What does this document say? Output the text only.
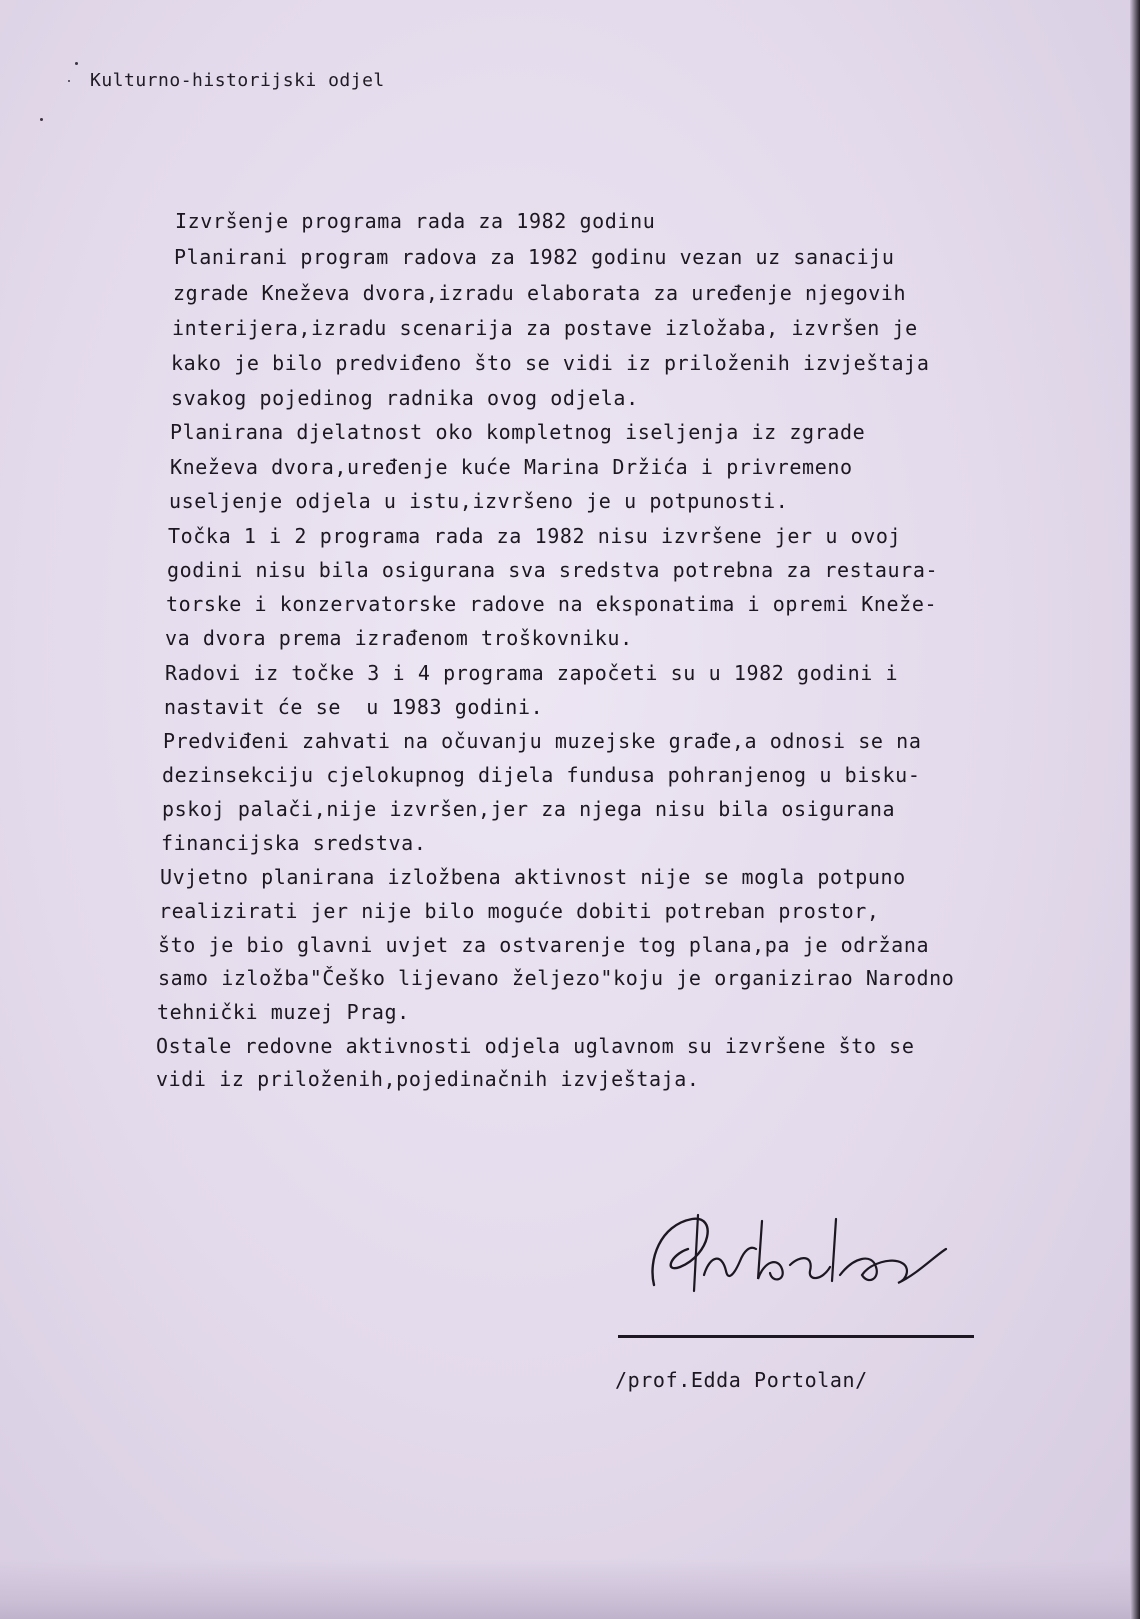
Kulturno-historijski odjel
Izvršenje programa rada za 1982 godinu
Planirani program radova za 1982 godinu vezan uz sanaciju
zgrade Kneževa dvora,izradu elaborata za uređenje njegovih
interijera,izradu scenarija za postave izložaba, izvršen je
kako je bilo predviđeno što se vidi iz priloženih izvještaja
svakog pojedinog radnika ovog odjela.
Planirana djelatnost oko kompletnog iseljenja iz zgrade
Kneževa dvora,uređenje kuće Marina Držića i privremeno
useljenje odjela u istu,izvršeno je u potpunosti.
Točka 1 i 2 programa rada za 1982 nisu izvršene jer u ovoj
godini nisu bila osigurana sva sredstva potrebna za restaura-
torske i konzervatorske radove na eksponatima i opremi Kneže-
va dvora prema izrađenom troškovniku.
Radovi iz točke 3 i 4 programa započeti su u 1982 godini i
nastavit će se  u 1983 godini.
Predviđeni zahvati na očuvanju muzejske građe,a odnosi se na
dezinsekciju cjelokupnog dijela fundusa pohranjenog u bisku-
pskoj palači,nije izvršen,jer za njega nisu bila osigurana
financijska sredstva.
Uvjetno planirana izložbena aktivnost nije se mogla potpuno
realizirati jer nije bilo moguće dobiti potreban prostor,
što je bio glavni uvjet za ostvarenje tog plana,pa je održana
samo izložba"Češko lijevano željezo"koju je organizirao Narodno
tehnički muzej Prag.
Ostale redovne aktivnosti odjela uglavnom su izvršene što se
vidi iz priloženih,pojedinačnih izvještaja.
/prof.Edda Portolan/
